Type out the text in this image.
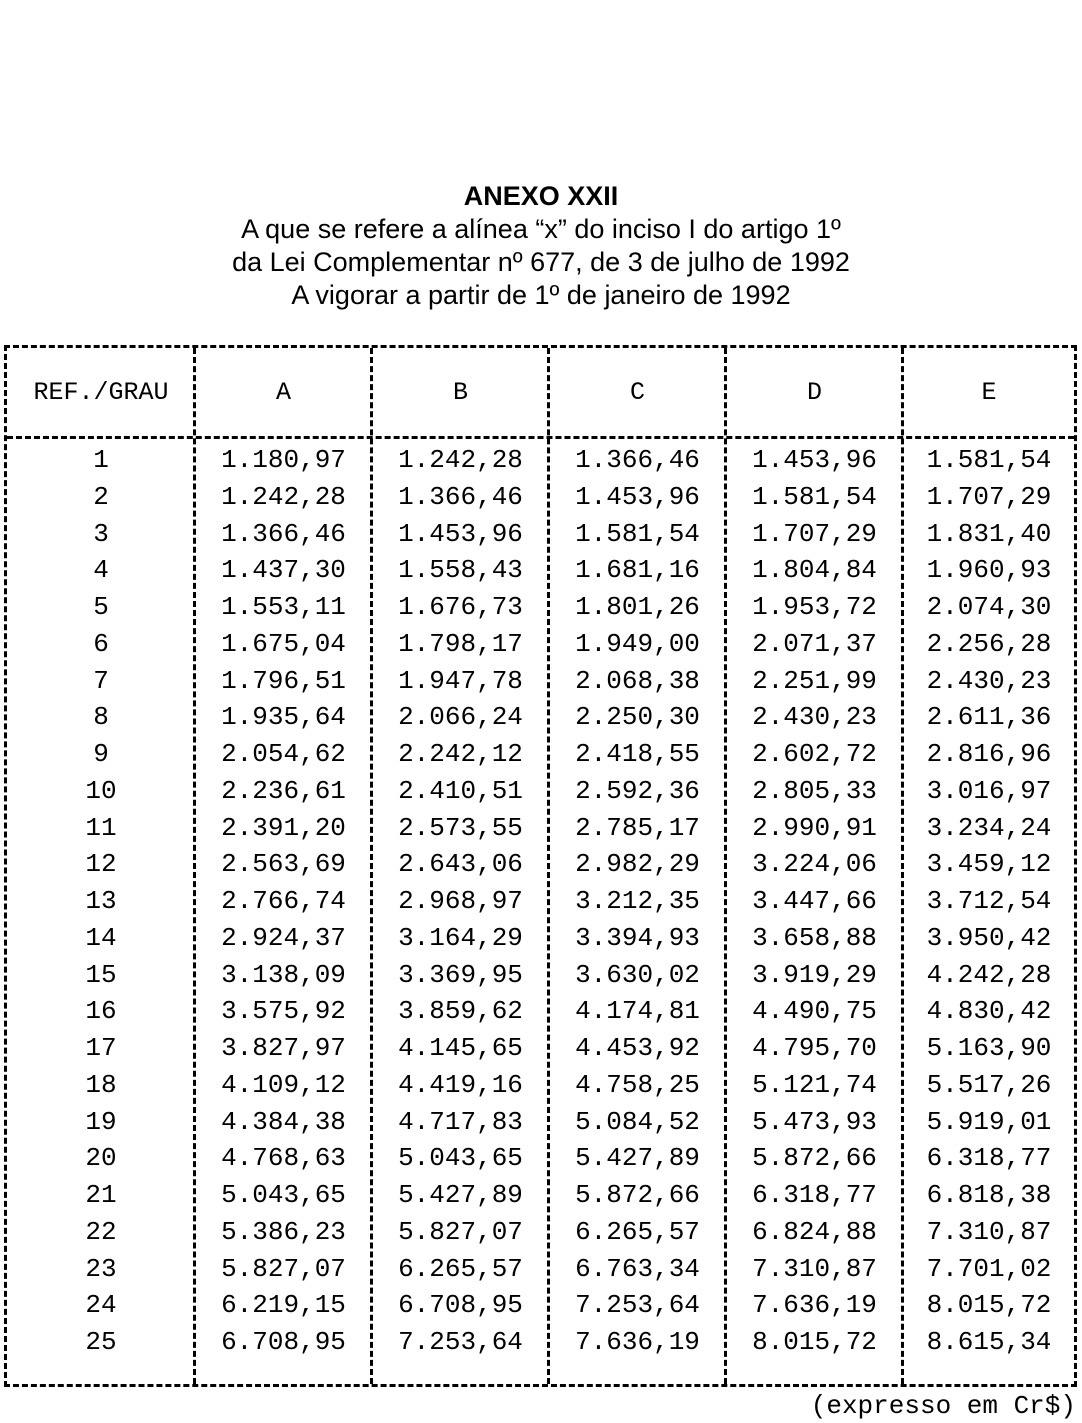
ANEXO XXII
A que se refere a alínea “x” do inciso I do artigo 1º
da Lei Complementar nº 677, de 3 de julho de 1992
A vigorar a partir de 1º de janeiro de 1992
REF./GRAU	A	B	C	D	E
1	1.180,97	1.242,28	1.366,46	1.453,96	1.581,54
2	1.242,28	1.366,46	1.453,96	1.581,54	1.707,29
3	1.366,46	1.453,96	1.581,54	1.707,29	1.831,40
4	1.437,30	1.558,43	1.681,16	1.804,84	1.960,93
5	1.553,11	1.676,73	1.801,26	1.953,72	2.074,30
6	1.675,04	1.798,17	1.949,00	2.071,37	2.256,28
7	1.796,51	1.947,78	2.068,38	2.251,99	2.430,23
8	1.935,64	2.066,24	2.250,30	2.430,23	2.611,36
9	2.054,62	2.242,12	2.418,55	2.602,72	2.816,96
10	2.236,61	2.410,51	2.592,36	2.805,33	3.016,97
11	2.391,20	2.573,55	2.785,17	2.990,91	3.234,24
12	2.563,69	2.643,06	2.982,29	3.224,06	3.459,12
13	2.766,74	2.968,97	3.212,35	3.447,66	3.712,54
14	2.924,37	3.164,29	3.394,93	3.658,88	3.950,42
15	3.138,09	3.369,95	3.630,02	3.919,29	4.242,28
16	3.575,92	3.859,62	4.174,81	4.490,75	4.830,42
17	3.827,97	4.145,65	4.453,92	4.795,70	5.163,90
18	4.109,12	4.419,16	4.758,25	5.121,74	5.517,26
19	4.384,38	4.717,83	5.084,52	5.473,93	5.919,01
20	4.768,63	5.043,65	5.427,89	5.872,66	6.318,77
21	5.043,65	5.427,89	5.872,66	6.318,77	6.818,38
22	5.386,23	5.827,07	6.265,57	6.824,88	7.310,87
23	5.827,07	6.265,57	6.763,34	7.310,87	7.701,02
24	6.219,15	6.708,95	7.253,64	7.636,19	8.015,72
25	6.708,95	7.253,64	7.636,19	8.015,72	8.615,34
(expresso em Cr$)
